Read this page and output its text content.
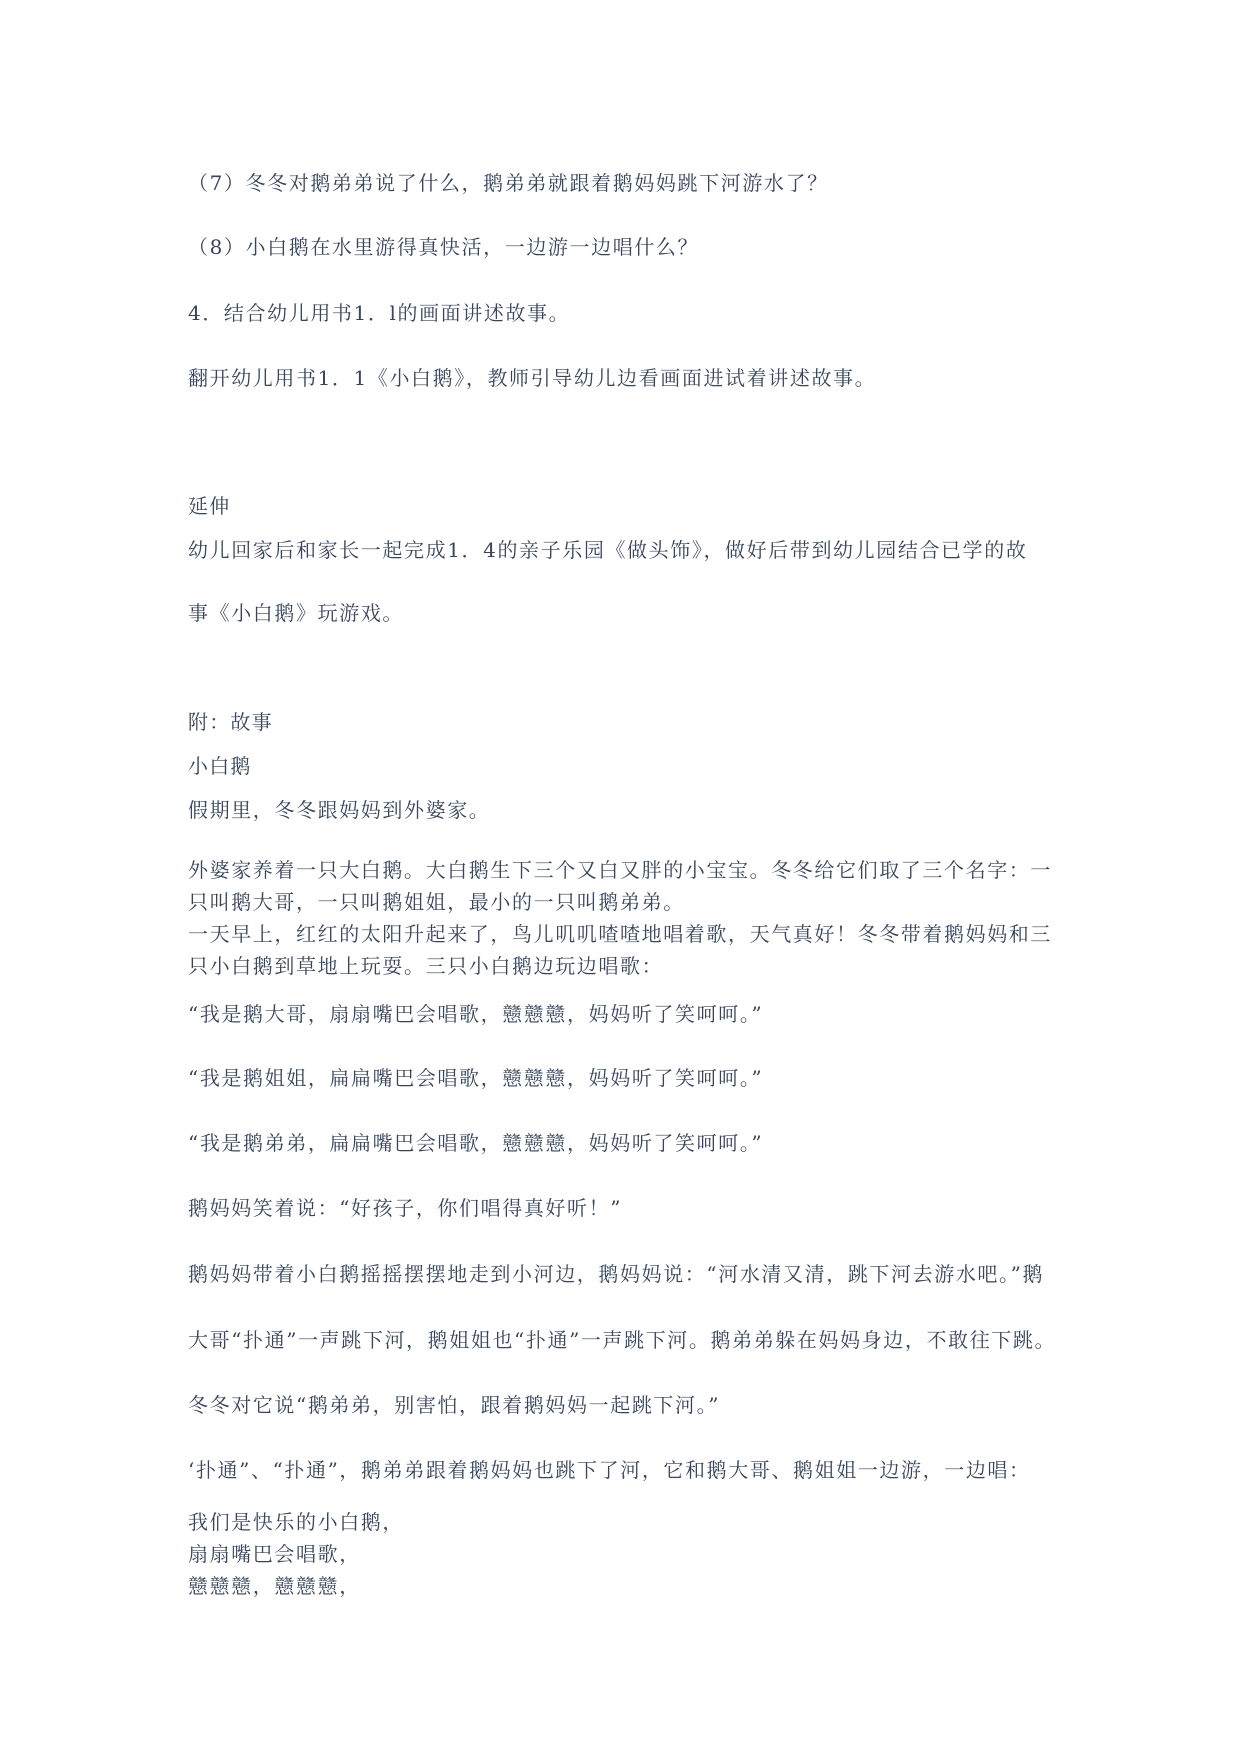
（7）冬冬对鹅弟弟说了什么，鹅弟弟就跟着鹅妈妈跳下河游水了？
（8）小白鹅在水里游得真快活，一边游一边唱什么？
4．结合幼儿用书1．l的画面讲述故事。
翻开幼儿用书1．1《小白鹅》，教师引导幼儿边看画面进试着讲述故事。
延伸
幼儿回家后和家长一起完成1．4的亲子乐园《做头饰》，做好后带到幼儿园结合已学的故
事《小白鹅》玩游戏。
附：故事
小白鹅
假期里，冬冬跟妈妈到外婆家。
外婆家养着一只大白鹅。大白鹅生下三个又白又胖的小宝宝。冬冬给它们取了三个名字：一
只叫鹅大哥，一只叫鹅姐姐，最小的一只叫鹅弟弟。
一天早上，红红的太阳升起来了，鸟儿叽叽喳喳地唱着歌，天气真好！冬冬带着鹅妈妈和三
只小白鹅到草地上玩耍。三只小白鹅边玩边唱歌：
“我是鹅大哥，扇扇嘴巴会唱歌，戆戆戆，妈妈听了笑呵呵。”
“我是鹅姐姐，扁扁嘴巴会唱歌，戆戆戆，妈妈听了笑呵呵。”
“我是鹅弟弟，扁扁嘴巴会唱歌，戆戆戆，妈妈听了笑呵呵。”
鹅妈妈笑着说：“好孩子，你们唱得真好听！”
鹅妈妈带着小白鹅摇摇摆摆地走到小河边，鹅妈妈说：“河水清又清，跳下河去游水吧。”鹅
大哥“扑通”一声跳下河，鹅姐姐也“扑通”一声跳下河。鹅弟弟躲在妈妈身边，不敢往下跳。
冬冬对它说“鹅弟弟，别害怕，跟着鹅妈妈一起跳下河。”
‘扑通”、“扑通”，鹅弟弟跟着鹅妈妈也跳下了河，它和鹅大哥、鹅姐姐一边游，一边唱：
我们是快乐的小白鹅，
扇扇嘴巴会唱歌，
戆戆戆，戆戆戆，
